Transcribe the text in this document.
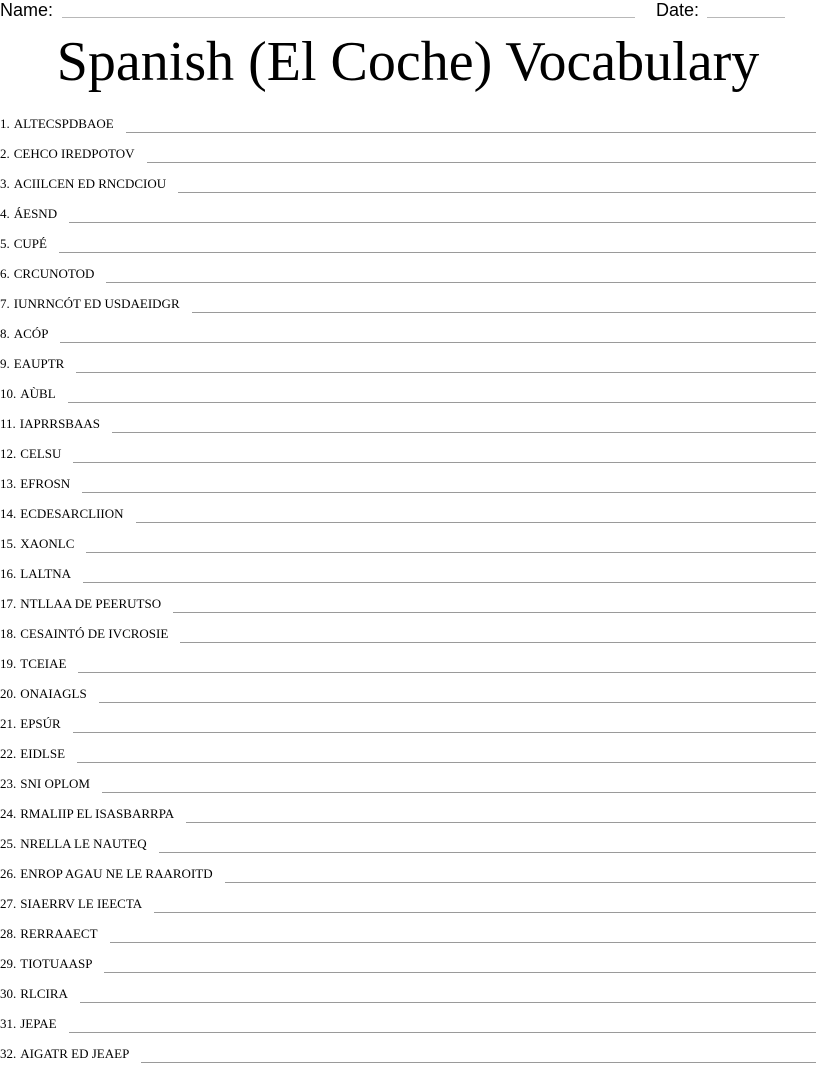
Name:	Date:
Spanish (El Coche) Vocabulary
1. ALTECSPDBAOE
2. CEHCO IREDPOTOV
3. ACIILCEN ED RNCDCIOU
4. ÁESND
5. CUPÉ
6. CRCUNOTOD
7. IUNRNCÓT ED USDAEIDGR
8. ACÓP
9. EAUPTR
10. AÙBL
11. IAPRRSBAAS
12. CELSU
13. EFROSN
14. ECDESARCLIION
15. XAONLC
16. LALTNA
17. NTLLAA DE PEERUTSO
18. CESAINTÓ DE IVCROSIE
19. TCEIAE
20. ONAIAGLS
21. EPSÚR
22. EIDLSE
23. SNI OPLOM
24. RMALIIP EL ISASBARRPA
25. NRELLA LE NAUTEQ
26. ENROP AGAU NE LE RAAROITD
27. SIAERRV LE IEECTA
28. RERRAAECT
29. TIOTUAASP
30. RLCIRA
31. JEPAE
32. AIGATR ED JEAEP
